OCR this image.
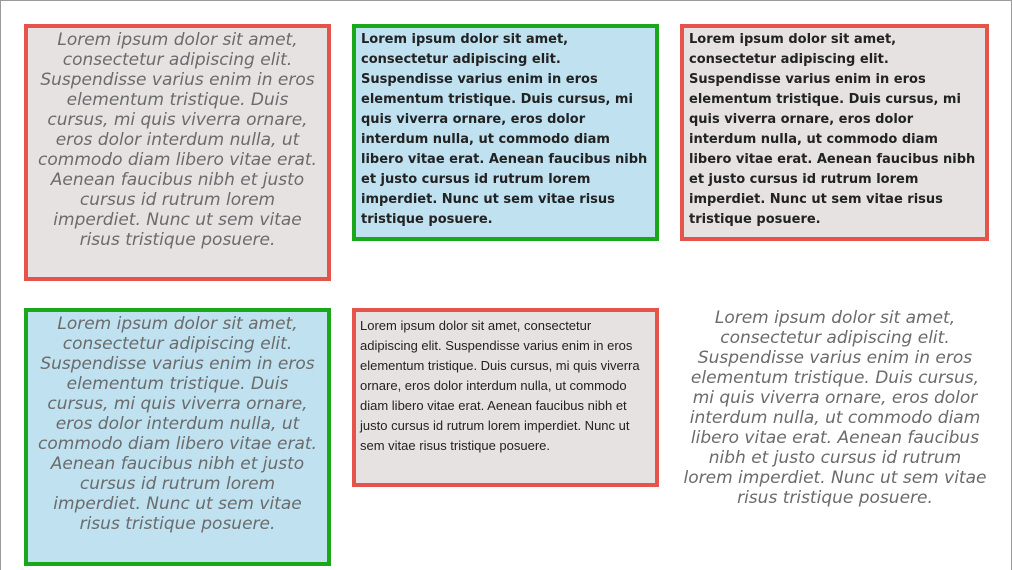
Lorem ipsum dolor sit amet, consectetur adipiscing elit. Suspendisse varius enim in eros elementum tristique. Duis cursus, mi quis viverra ornare, eros dolor interdum nulla, ut commodo diam libero vitae erat. Aenean faucibus nibh et justo cursus id rutrum lorem imperdiet. Nunc ut sem vitae risus tristique posuere.
Lorem ipsum dolor sit amet, consectetur adipiscing elit. Suspendisse varius enim in eros elementum tristique. Duis cursus, mi quis viverra ornare, eros dolor interdum nulla, ut commodo diam libero vitae erat. Aenean faucibus nibh et justo cursus id rutrum lorem imperdiet. Nunc ut sem vitae risus tristique posuere.
Lorem ipsum dolor sit amet, consectetur adipiscing elit. Suspendisse varius enim in eros elementum tristique. Duis cursus, mi quis viverra ornare, eros dolor interdum nulla, ut commodo diam libero vitae erat. Aenean faucibus nibh et justo cursus id rutrum lorem imperdiet. Nunc ut sem vitae risus tristique posuere.
Lorem ipsum dolor sit amet, consectetur adipiscing elit. Suspendisse varius enim in eros elementum tristique. Duis cursus, mi quis viverra ornare, eros dolor interdum nulla, ut commodo diam libero vitae erat. Aenean faucibus nibh et justo cursus id rutrum lorem imperdiet. Nunc ut sem vitae risus tristique posuere.
Lorem ipsum dolor sit amet, consectetur adipiscing elit. Suspendisse varius enim in eros elementum tristique. Duis cursus, mi quis viverra ornare, eros dolor interdum nulla, ut commodo diam libero vitae erat. Aenean faucibus nibh et justo cursus id rutrum lorem imperdiet. Nunc ut sem vitae risus tristique posuere.
Lorem ipsum dolor sit amet, consectetur adipiscing elit. Suspendisse varius enim in eros elementum tristique. Duis cursus, mi quis viverra ornare, eros dolor interdum nulla, ut commodo diam libero vitae erat. Aenean faucibus nibh et justo cursus id rutrum lorem imperdiet. Nunc ut sem vitae risus tristique posuere.
